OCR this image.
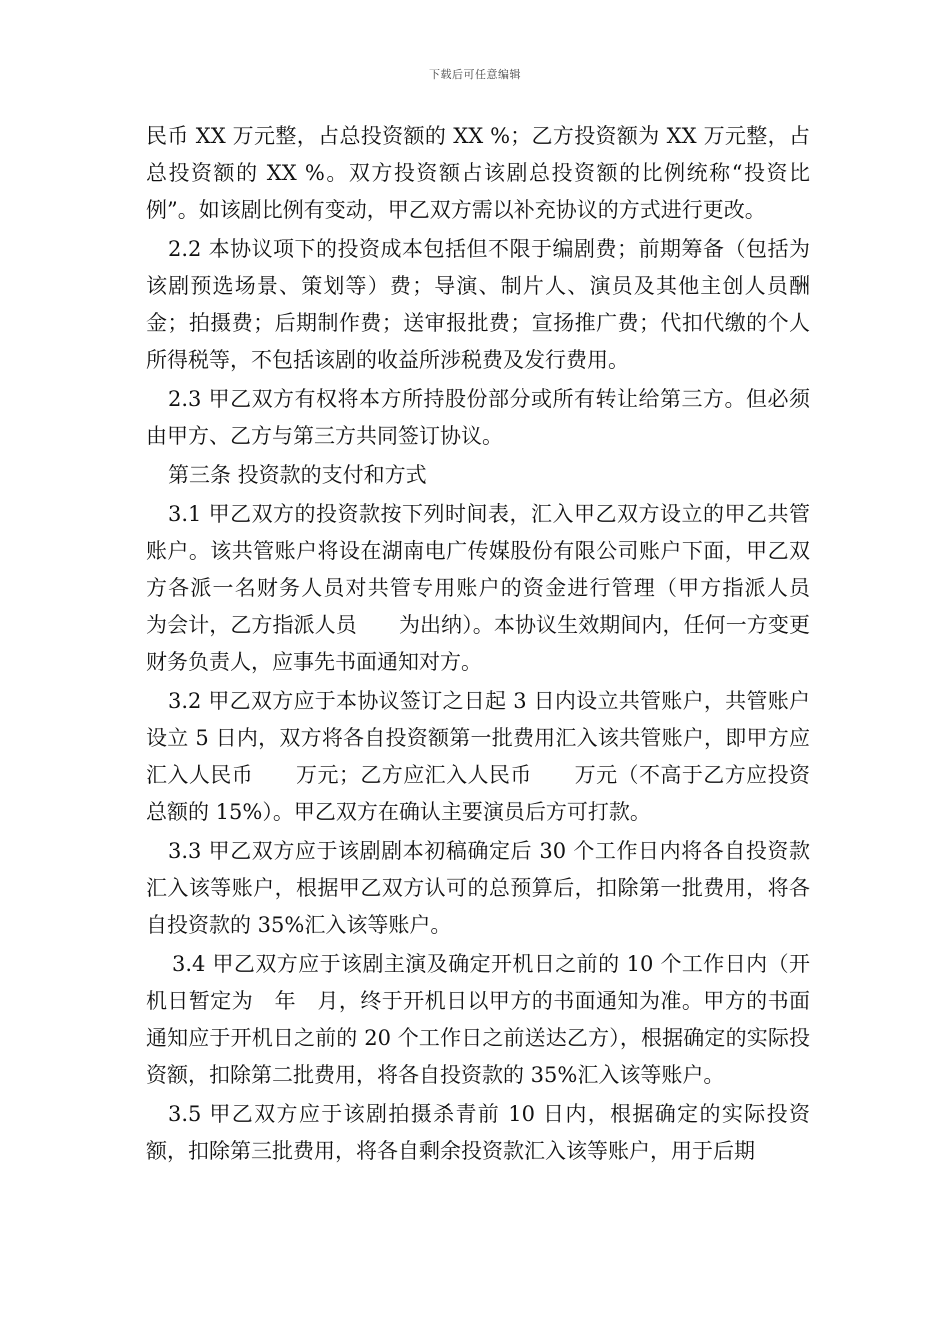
下载后可任意编辑

民币 XX 万元整，占总投资额的 XX %；乙方投资额为 XX 万元整，占总投资额的 XX %。双方投资额占该剧总投资额的比例统称“投资比例”。如该剧比例有变动，甲乙双方需以补充协议的方式进行更改。

2.2 本协议项下的投资成本包括但不限于编剧费；前期筹备（包括为该剧预选场景、策划等）费；导演、制片人、演员及其他主创人员酬金；拍摄费；后期制作费；送审报批费；宣扬推广费；代扣代缴的个人所得税等，不包括该剧的收益所涉税费及发行费用。

2.3 甲乙双方有权将本方所持股份部分或所有转让给第三方。但必须由甲方、乙方与第三方共同签订协议。

第三条 投资款的支付和方式

3.1 甲乙双方的投资款按下列时间表，汇入甲乙双方设立的甲乙共管账户。该共管账户将设在湖南电广传媒股份有限公司账户下面，甲乙双方各派一名财务人员对共管专用账户的资金进行管理（甲方指派人员　　为会计，乙方指派人员　　为出纳）。本协议生效期间内，任何一方变更财务负责人，应事先书面通知对方。

3.2 甲乙双方应于本协议签订之日起 3 日内设立共管账户，共管账户设立 5 日内，双方将各自投资额第一批费用汇入该共管账户，即甲方应汇入人民币　　万元；乙方应汇入人民币　　万元（不高于乙方应投资总额的 15%）。甲乙双方在确认主要演员后方可打款。

3.3 甲乙双方应于该剧剧本初稿确定后 30 个工作日内将各自投资款汇入该等账户，根据甲乙双方认可的总预算后，扣除第一批费用，将各自投资款的 35%汇入该等账户。

3.4 甲乙双方应于该剧主演及确定开机日之前的 10 个工作日内（开机日暂定为　年　月，终于开机日以甲方的书面通知为准。甲方的书面通知应于开机日之前的 20 个工作日之前送达乙方），根据确定的实际投资额，扣除第二批费用，将各自投资款的 35%汇入该等账户。

3.5 甲乙双方应于该剧拍摄杀青前 10 日内，根据确定的实际投资额，扣除第三批费用，将各自剩余投资款汇入该等账户，用于后期
